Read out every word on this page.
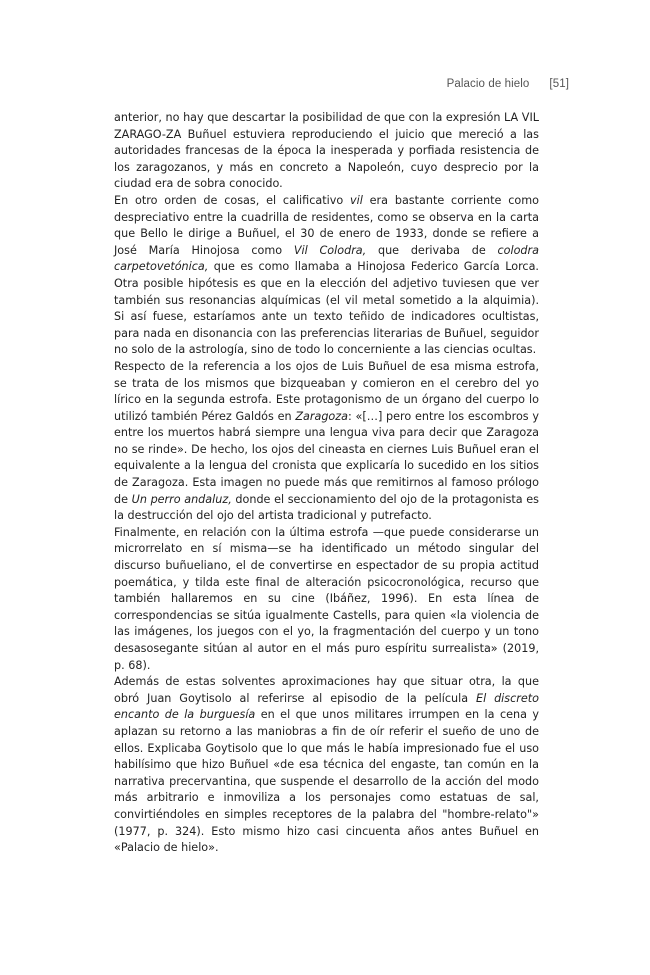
Palacio de hielo [51]

anterior, no hay que descartar la posibilidad de que con la expresión LA VIL ZARAGO-ZA Buñuel estuviera reproduciendo el juicio que mereció a las autoridades francesas de la época la inesperada y porfiada resistencia de los zaragozanos, y más en concreto a Napoleón, cuyo desprecio por la ciudad era de sobra conocido.

En otro orden de cosas, el calificativo vil era bastante corriente como despreciativo entre la cuadrilla de residentes, como se observa en la carta que Bello le dirige a Buñuel, el 30 de enero de 1933, donde se refiere a José María Hinojosa como Vil Colodra, que derivaba de colodra carpetovetónica, que es como llamaba a Hinojosa Federico García Lorca. Otra posible hipótesis es que en la elección del adjetivo tuviesen que ver también sus resonancias alquímicas (el vil metal sometido a la alquimia). Si así fuese, estaríamos ante un texto teñido de indicadores ocultistas, para nada en disonancia con las preferencias literarias de Buñuel, seguidor no solo de la astrología, sino de todo lo concerniente a las ciencias ocultas.

Respecto de la referencia a los ojos de Luis Buñuel de esa misma estrofa, se trata de los mismos que bizqueaban y comieron en el cerebro del yo lírico en la segunda estrofa. Este protagonismo de un órgano del cuerpo lo utilizó también Pérez Galdós en Zaragoza: «[…] pero entre los escombros y entre los muertos habrá siempre una lengua viva para decir que Zaragoza no se rinde». De hecho, los ojos del cineasta en ciernes Luis Buñuel eran el equivalente a la lengua del cronista que explicaría lo sucedido en los sitios de Zaragoza. Esta imagen no puede más que remitirnos al famoso prólogo de Un perro andaluz, donde el seccionamiento del ojo de la protagonista es la destrucción del ojo del artista tradicional y putrefacto.

Finalmente, en relación con la última estrofa —que puede considerarse un microrrelato en sí misma—se ha identificado un método singular del discurso buñueliano, el de convertirse en espectador de su propia actitud poemática, y tilda este final de alteración psicocronológica, recurso que también hallaremos en su cine (Ibáñez, 1996). En esta línea de correspondencias se sitúa igualmente Castells, para quien «la violencia de las imágenes, los juegos con el yo, la fragmentación del cuerpo y un tono desasosegante sitúan al autor en el más puro espíritu surrealista» (2019, p. 68).

Además de estas solventes aproximaciones hay que situar otra, la que obró Juan Goytisolo al referirse al episodio de la película El discreto encanto de la burguesía en el que unos militares irrumpen en la cena y aplazan su retorno a las maniobras a fin de oír referir el sueño de uno de ellos. Explicaba Goytisolo que lo que más le había impresionado fue el uso habilísimo que hizo Buñuel «de esa técnica del engaste, tan común en la narrativa precervantina, que suspende el desarrollo de la acción del modo más arbitrario e inmoviliza a los personajes como estatuas de sal, convirtiéndoles en simples receptores de la palabra del "hombre-relato"» (1977, p. 324). Esto mismo hizo casi cincuenta años antes Buñuel en «Palacio de hielo».
